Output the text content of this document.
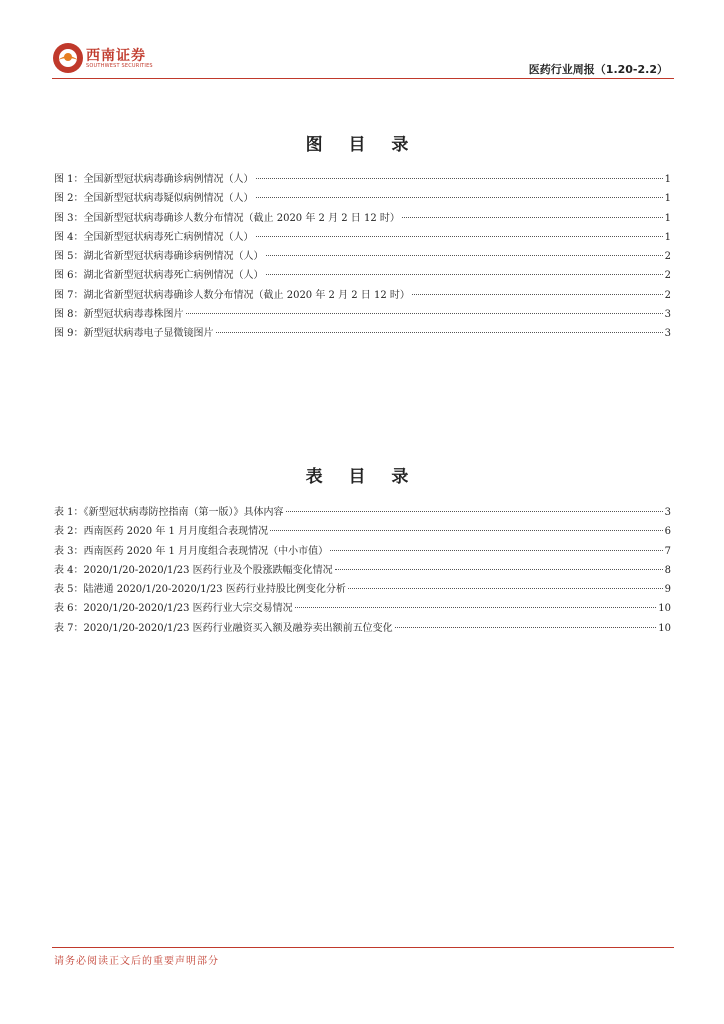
西南证券
SOUTHWEST SECURITIES	医药行业周报（1.20-2.2）
图 目 录
图 1：全国新型冠状病毒确诊病例情况（人）	1
图 2：全国新型冠状病毒疑似病例情况（人）	1
图 3：全国新型冠状病毒确诊人数分布情况（截止 2020 年 2 月 2 日 12 时）	1
图 4：全国新型冠状病毒死亡病例情况（人）	1
图 5：湖北省新型冠状病毒确诊病例情况（人）	2
图 6：湖北省新型冠状病毒死亡病例情况（人）	2
图 7：湖北省新型冠状病毒确诊人数分布情况（截止 2020 年 2 月 2 日 12 时）	2
图 8：新型冠状病毒毒株图片	3
图 9：新型冠状病毒电子显微镜图片	3
表 目 录
表 1：《新型冠状病毒防控指南（第一版）》具体内容	3
表 2：西南医药 2020 年 1 月月度组合表现情况	6
表 3：西南医药 2020 年 1 月月度组合表现情况（中小市值）	7
表 4：2020/1/20-2020/1/23 医药行业及个股涨跌幅变化情况	8
表 5：陆港通 2020/1/20-2020/1/23 医药行业持股比例变化分析	9
表 6：2020/1/20-2020/1/23 医药行业大宗交易情况	10
表 7：2020/1/20-2020/1/23 医药行业融资买入额及融券卖出额前五位变化	10
请务必阅读正文后的重要声明部分
